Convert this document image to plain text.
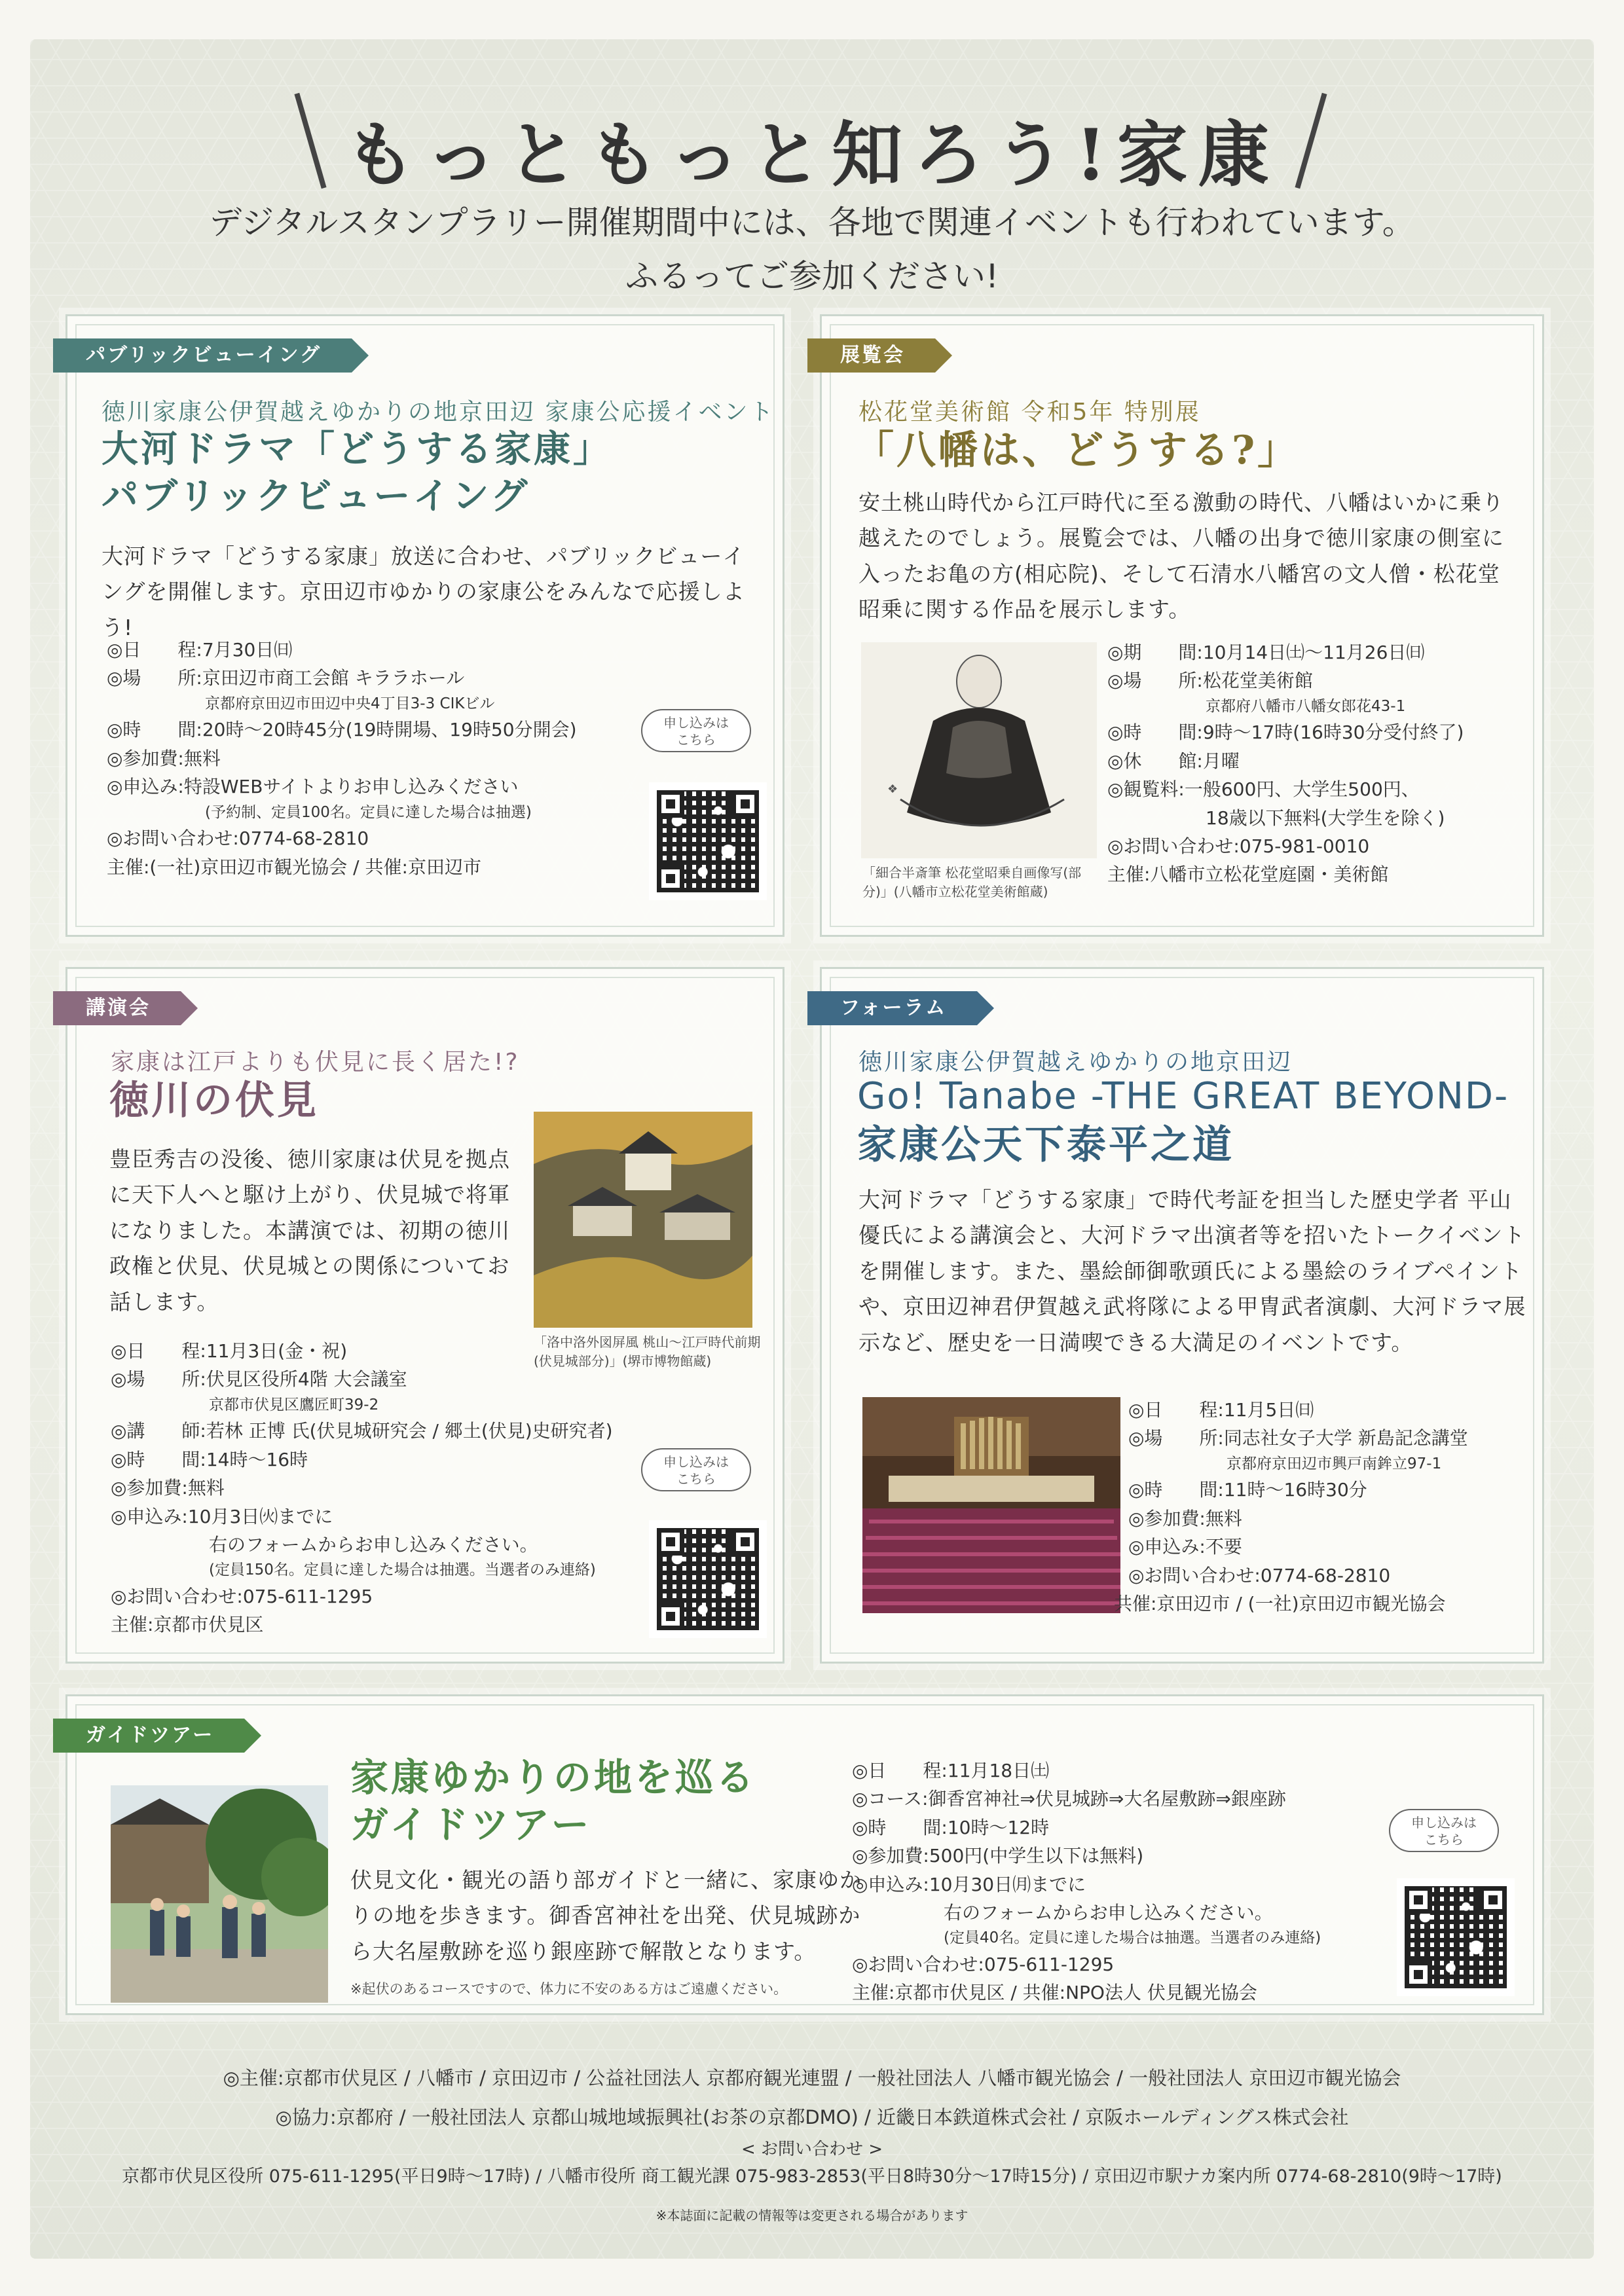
もっともっと知ろう!家康
デジタルスタンプラリー開催期間中には、各地で関連イベントも行われています。
ふるってご参加ください!
パブリックビューイング
徳川家康公伊賀越えゆかりの地京田辺 家康公応援イベント
大河ドラマ「どうする家康」
パブリックビューイング
大河ドラマ「どうする家康」放送に合わせ、パブリックビューイングを開催します。京田辺市ゆかりの家康公をみんなで応援しよう!
◎日　　程:7月30日㈰
◎場　　所:京田辺市商工会館 キララホール
京都府京田辺市田辺中央4丁目3-3 CIKビル
◎時　　間:20時～20時45分(19時開場、19時50分開会)
◎参加費:無料
◎申込み:特設WEBサイトよりお申し込みください
(予約制、定員100名。定員に達した場合は抽選)
◎お問い合わせ:0774-68-2810
主催:(一社)京田辺市観光協会 / 共催:京田辺市
申し込みは
こちら
展覧会
松花堂美術館 令和5年 特別展
「八幡は、どうする?」
安土桃山時代から江戸時代に至る激動の時代、八幡はいかに乗り越えたのでしょう。展覧会では、八幡の出身で徳川家康の側室に入ったお亀の方(相応院)、そして石清水八幡宮の文人僧・松花堂昭乗に関する作品を展示します。
❖
「細合半斎筆 松花堂昭乗自画像写(部分)」(八幡市立松花堂美術館蔵)
◎期　　間:10月14日㈯～11月26日㈰
◎場　　所:松花堂美術館
京都府八幡市八幡女郎花43-1
◎時　　間:9時～17時(16時30分受付終了)
◎休　　館:月曜
◎観覧料:一般600円、大学生500円、
18歳以下無料(大学生を除く)
◎お問い合わせ:075-981-0010
主催:八幡市立松花堂庭園・美術館
講演会
家康は江戸よりも伏見に長く居た!?
徳川の伏見
豊臣秀吉の没後、徳川家康は伏見を拠点に天下人へと駆け上がり、伏見城で将軍になりました。本講演では、初期の徳川政権と伏見、伏見城との関係についてお話します。
「洛中洛外図屏風 桃山～江戸時代前期(伏見城部分)」(堺市博物館蔵)
◎日　　程:11月3日(金・祝)
◎場　　所:伏見区役所4階 大会議室
京都市伏見区鷹匠町39-2
◎講　　師:若林 正博 氏(伏見城研究会 / 郷土(伏見)史研究者)
◎時　　間:14時～16時
◎参加費:無料
◎申込み:10月3日㈫までに
右のフォームからお申し込みください。
(定員150名。定員に達した場合は抽選。当選者のみ連絡)
◎お問い合わせ:075-611-1295
主催:京都市伏見区
申し込みは
こちら
フォーラム
徳川家康公伊賀越えゆかりの地京田辺
Go! Tanabe -THE GREAT BEYOND-
家康公天下泰平之道
大河ドラマ「どうする家康」で時代考証を担当した歴史学者 平山優氏による講演会と、大河ドラマ出演者等を招いたトークイベントを開催します。また、墨絵師御歌頭氏による墨絵のライブペイントや、京田辺神君伊賀越え武将隊による甲冑武者演劇、大河ドラマ展示など、歴史を一日満喫できる大満足のイベントです。
◎日　　程:11月5日㈰
◎場　　所:同志社女子大学 新島記念講堂
京都府京田辺市興戸南鉾立97-1
◎時　　間:11時～16時30分
◎参加費:無料
◎申込み:不要
◎お問い合わせ:0774-68-2810
共催:京田辺市 / (一社)京田辺市観光協会
ガイドツアー
家康ゆかりの地を巡る
ガイドツアー
伏見文化・観光の語り部ガイドと一緒に、家康ゆかりの地を歩きます。御香宮神社を出発、伏見城跡から大名屋敷跡を巡り銀座跡で解散となります。
※起伏のあるコースですので、体力に不安のある方はご遠慮ください。
◎日　　程:11月18日㈯
◎コース:御香宮神社⇒伏見城跡⇒大名屋敷跡⇒銀座跡
◎時　　間:10時～12時
◎参加費:500円(中学生以下は無料)
◎申込み:10月30日㈪までに
右のフォームからお申し込みください。
(定員40名。定員に達した場合は抽選。当選者のみ連絡)
◎お問い合わせ:075-611-1295
主催:京都市伏見区 / 共催:NPO法人 伏見観光協会
申し込みは
こちら
◎主催:京都市伏見区 / 八幡市 / 京田辺市 / 公益社団法人 京都府観光連盟 / 一般社団法人 八幡市観光協会 / 一般社団法人 京田辺市観光協会
◎協力:京都府 / 一般社団法人 京都山城地域振興社(お茶の京都DMO) / 近畿日本鉄道株式会社 / 京阪ホールディングス株式会社
< お問い合わせ >
京都市伏見区役所 075-611-1295(平日9時～17時) / 八幡市役所 商工観光課 075-983-2853(平日8時30分～17時15分) / 京田辺市駅ナカ案内所 0774-68-2810(9時～17時)
※本誌面に記載の情報等は変更される場合があります
